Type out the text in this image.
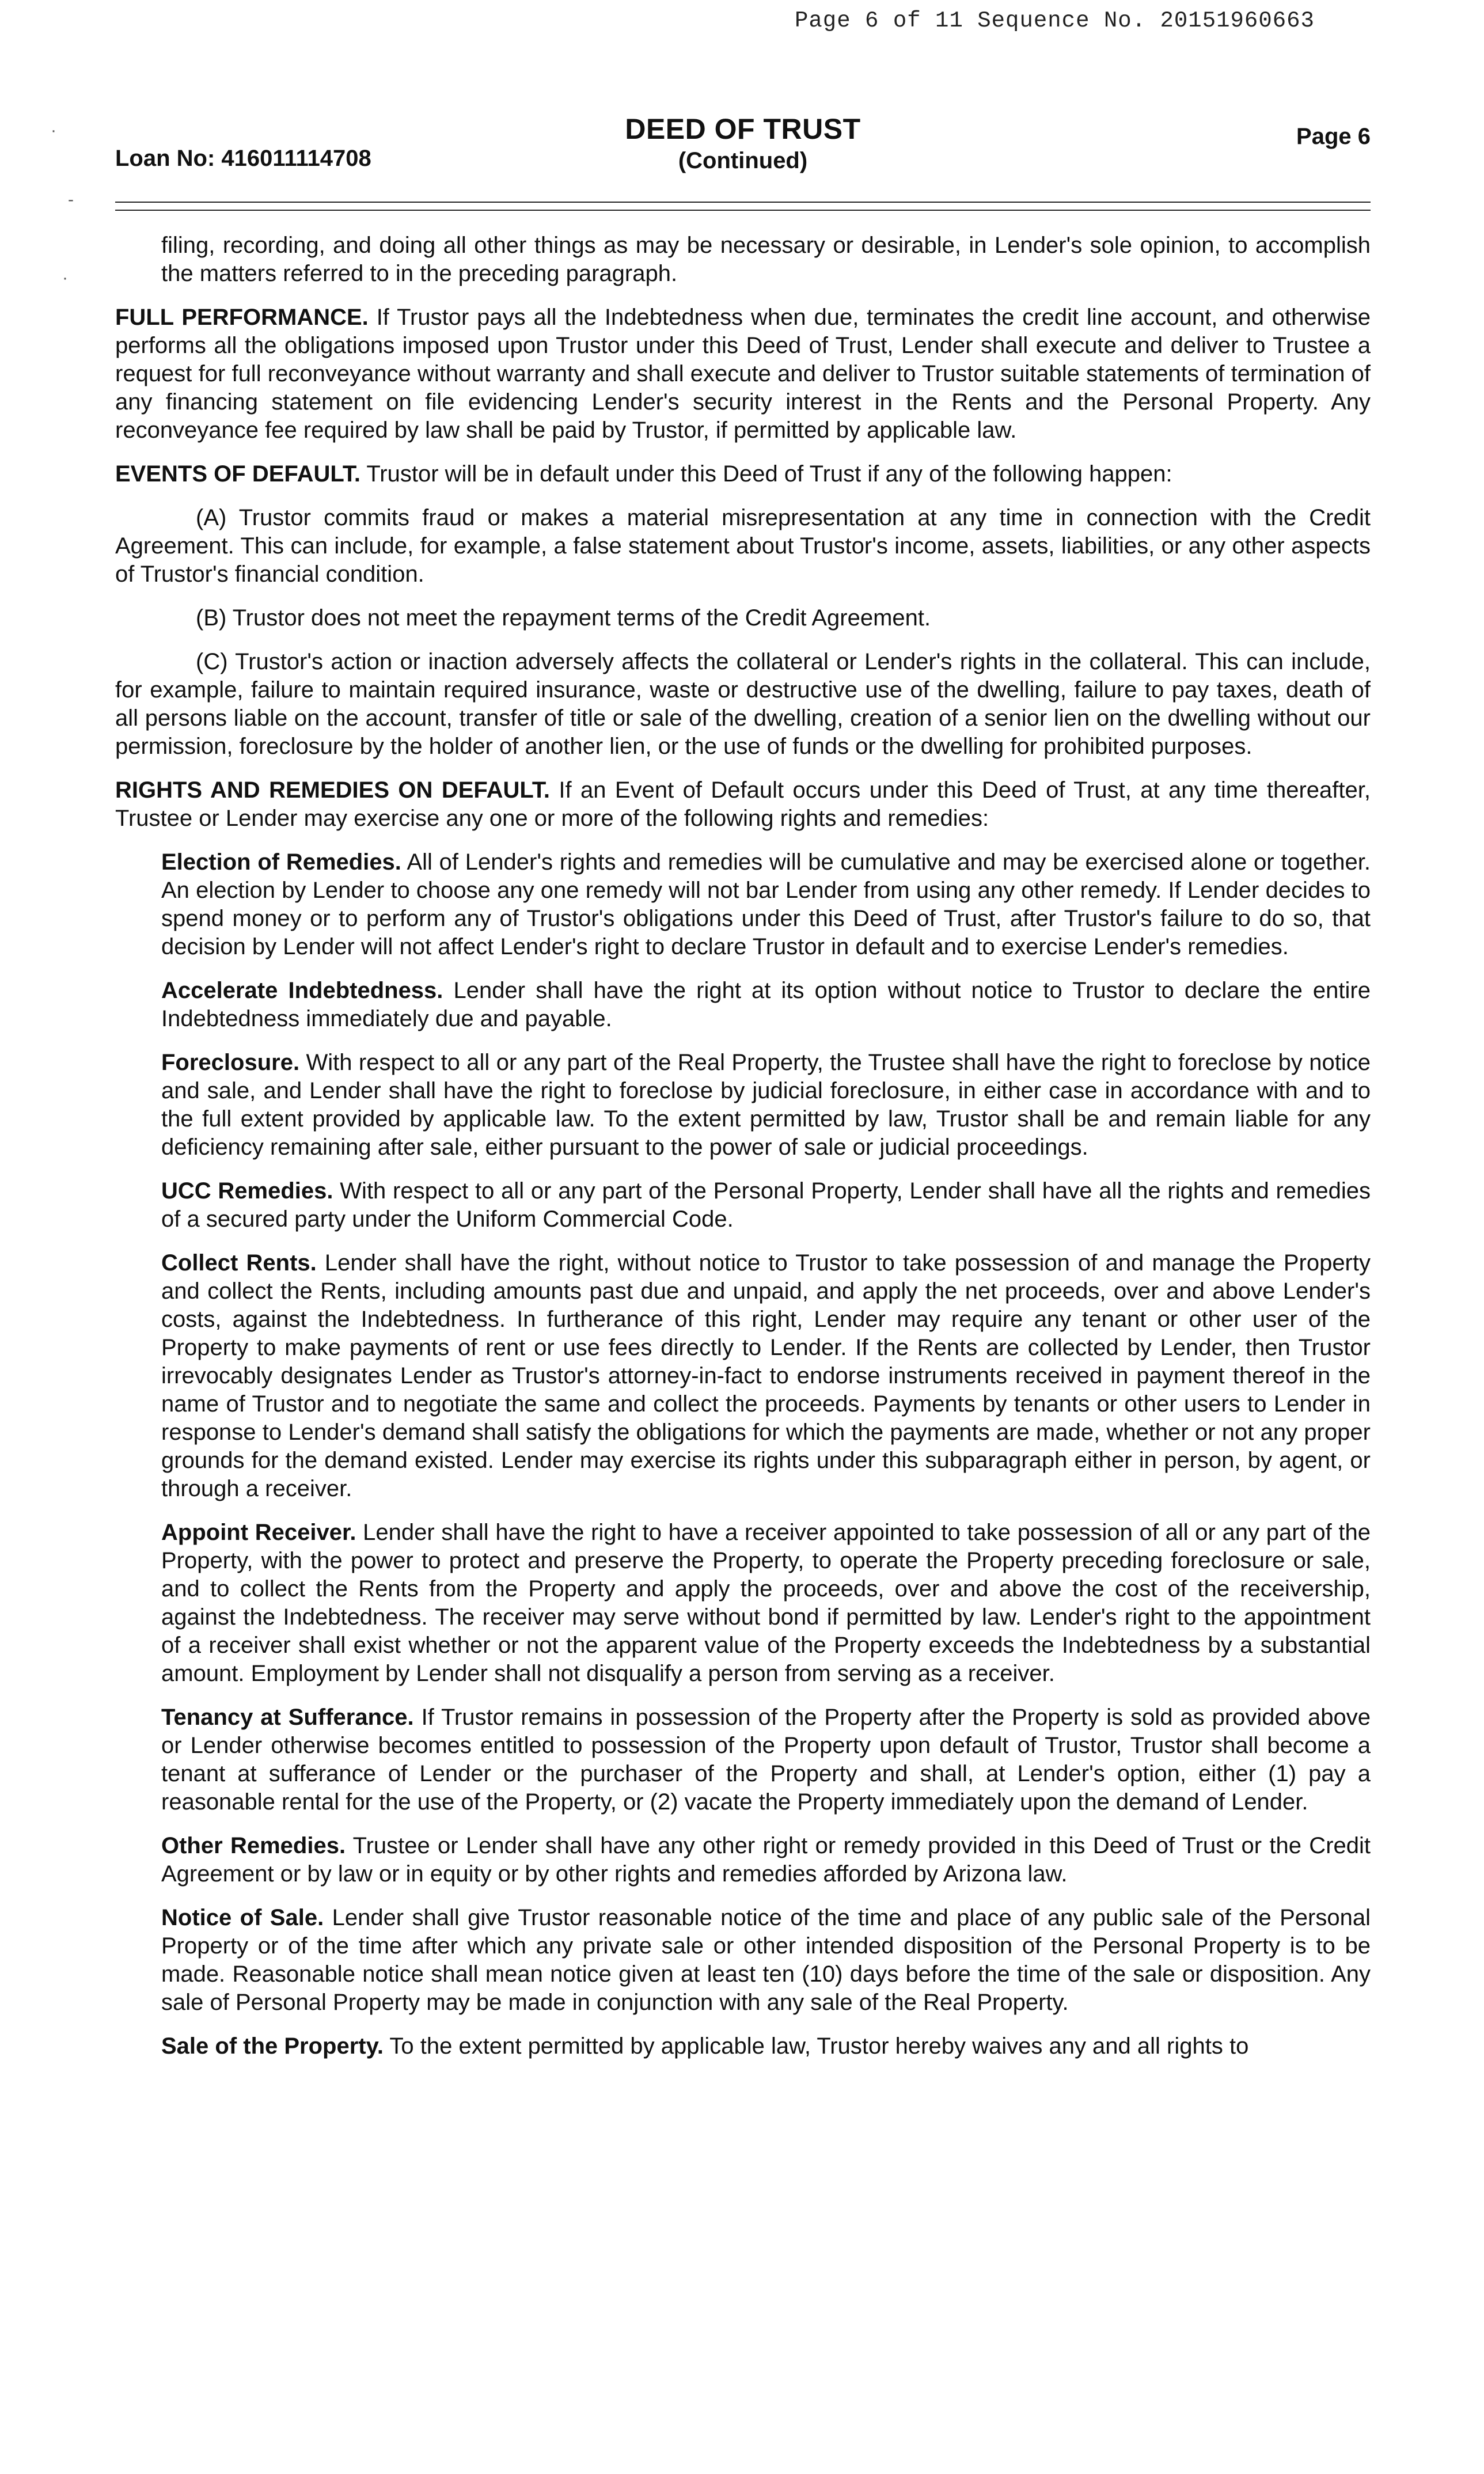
Page 6 of 11 Sequence No. 20151960663
Loan No: 416011114708
DEED OF TRUST
(Continued)
Page 6
·
-
·

filing, recording, and doing all other things as may be necessary or desirable, in Lender's sole opinion, to accomplish the matters referred to in the preceding paragraph.

FULL PERFORMANCE. If Trustor pays all the Indebtedness when due, terminates the credit line account, and otherwise performs all the obligations imposed upon Trustor under this Deed of Trust, Lender shall execute and deliver to Trustee a request for full reconveyance without warranty and shall execute and deliver to Trustor suitable statements of termination of any financing statement on file evidencing Lender's security interest in the Rents and the Personal Property. Any reconveyance fee required by law shall be paid by Trustor, if permitted by applicable law.

EVENTS OF DEFAULT. Trustor will be in default under this Deed of Trust if any of the following happen:

(A) Trustor commits fraud or makes a material misrepresentation at any time in connection with the Credit Agreement. This can include, for example, a false statement about Trustor's income, assets, liabilities, or any other aspects of Trustor's financial condition.

(B) Trustor does not meet the repayment terms of the Credit Agreement.

(C) Trustor's action or inaction adversely affects the collateral or Lender's rights in the collateral. This can include, for example, failure to maintain required insurance, waste or destructive use of the dwelling, failure to pay taxes, death of all persons liable on the account, transfer of title or sale of the dwelling, creation of a senior lien on the dwelling without our permission, foreclosure by the holder of another lien, or the use of funds or the dwelling for prohibited purposes.

RIGHTS AND REMEDIES ON DEFAULT. If an Event of Default occurs under this Deed of Trust, at any time thereafter, Trustee or Lender may exercise any one or more of the following rights and remedies:

Election of Remedies. All of Lender's rights and remedies will be cumulative and may be exercised alone or together. An election by Lender to choose any one remedy will not bar Lender from using any other remedy. If Lender decides to spend money or to perform any of Trustor's obligations under this Deed of Trust, after Trustor's failure to do so, that decision by Lender will not affect Lender's right to declare Trustor in default and to exercise Lender's remedies.

Accelerate Indebtedness. Lender shall have the right at its option without notice to Trustor to declare the entire Indebtedness immediately due and payable.

Foreclosure. With respect to all or any part of the Real Property, the Trustee shall have the right to foreclose by notice and sale, and Lender shall have the right to foreclose by judicial foreclosure, in either case in accordance with and to the full extent provided by applicable law. To the extent permitted by law, Trustor shall be and remain liable for any deficiency remaining after sale, either pursuant to the power of sale or judicial proceedings.

UCC Remedies. With respect to all or any part of the Personal Property, Lender shall have all the rights and remedies of a secured party under the Uniform Commercial Code.

Collect Rents. Lender shall have the right, without notice to Trustor to take possession of and manage the Property and collect the Rents, including amounts past due and unpaid, and apply the net proceeds, over and above Lender's costs, against the Indebtedness. In furtherance of this right, Lender may require any tenant or other user of the Property to make payments of rent or use fees directly to Lender. If the Rents are collected by Lender, then Trustor irrevocably designates Lender as Trustor's attorney-in-fact to endorse instruments received in payment thereof in the name of Trustor and to negotiate the same and collect the proceeds. Payments by tenants or other users to Lender in response to Lender's demand shall satisfy the obligations for which the payments are made, whether or not any proper grounds for the demand existed. Lender may exercise its rights under this subparagraph either in person, by agent, or through a receiver.

Appoint Receiver. Lender shall have the right to have a receiver appointed to take possession of all or any part of the Property, with the power to protect and preserve the Property, to operate the Property preceding foreclosure or sale, and to collect the Rents from the Property and apply the proceeds, over and above the cost of the receivership, against the Indebtedness. The receiver may serve without bond if permitted by law. Lender's right to the appointment of a receiver shall exist whether or not the apparent value of the Property exceeds the Indebtedness by a substantial amount. Employment by Lender shall not disqualify a person from serving as a receiver.

Tenancy at Sufferance. If Trustor remains in possession of the Property after the Property is sold as provided above or Lender otherwise becomes entitled to possession of the Property upon default of Trustor, Trustor shall become a tenant at sufferance of Lender or the purchaser of the Property and shall, at Lender's option, either (1) pay a reasonable rental for the use of the Property, or (2) vacate the Property immediately upon the demand of Lender.

Other Remedies. Trustee or Lender shall have any other right or remedy provided in this Deed of Trust or the Credit Agreement or by law or in equity or by other rights and remedies afforded by Arizona law.

Notice of Sale. Lender shall give Trustor reasonable notice of the time and place of any public sale of the Personal Property or of the time after which any private sale or other intended disposition of the Personal Property is to be made. Reasonable notice shall mean notice given at least ten (10) days before the time of the sale or disposition. Any sale of Personal Property may be made in conjunction with any sale of the Real Property.

Sale of the Property. To the extent permitted by applicable law, Trustor hereby waives any and all rights to
